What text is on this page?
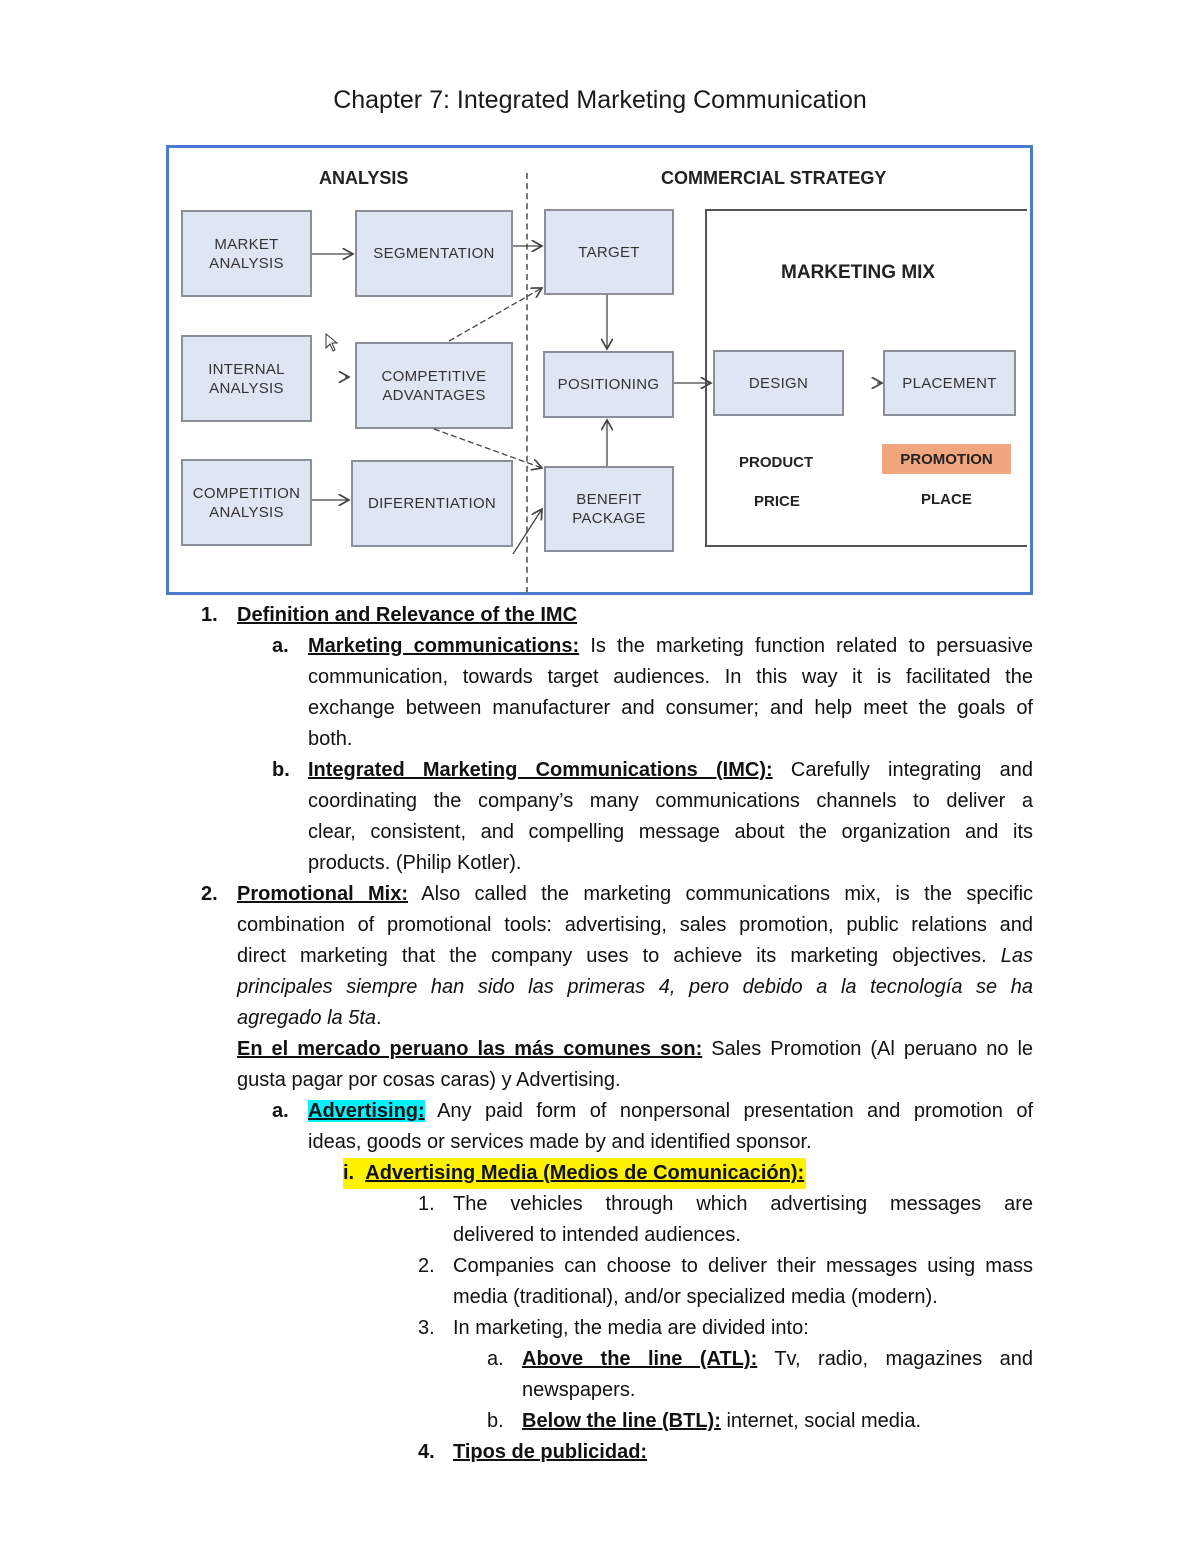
Chapter 7: Integrated Marketing Communication
ANALYSIS	COMMERCIAL STRATEGY
MARKET ANALYSIS
INTERNAL ANALYSIS
COMPETITION ANALYSIS
SEGMENTATION
COMPETITIVE ADVANTAGES
DIFERENTIATION
TARGET
POSITIONING
BENEFIT PACKAGE
MARKETING MIX
DESIGN	PLACEMENT
PRODUCT
PRICE
PROMOTION
PLACE
1. Definition and Relevance of the IMC
a. Marketing communications: Is the marketing function related to persuasive
communication, towards target audiences. In this way it is facilitated the
exchange between manufacturer and consumer; and help meet the goals of
both.
b. Integrated Marketing Communications (IMC): Carefully integrating and
coordinating the company’s many communications channels to deliver a
clear, consistent, and compelling message about the organization and its
products. (Philip Kotler).
2. Promotional Mix: Also called the marketing communications mix, is the specific
combination of promotional tools: advertising, sales promotion, public relations and
direct marketing that the company uses to achieve its marketing objectives. Las
principales siempre han sido las primeras 4, pero debido a la tecnología se ha
agregado la 5ta.
En el mercado peruano las más comunes son: Sales Promotion (Al peruano no le
gusta pagar por cosas caras) y Advertising.
a. Advertising: Any paid form of nonpersonal presentation and promotion of
ideas, goods or services made by and identified sponsor.
i. Advertising Media (Medios de Comunicación):
1. The vehicles through which advertising messages are
delivered to intended audiences.
2. Companies can choose to deliver their messages using mass
media (traditional), and/or specialized media (modern).
3. In marketing, the media are divided into:
a. Above the line (ATL): Tv, radio, magazines and
newspapers.
b. Below the line (BTL): internet, social media.
4. Tipos de publicidad:
